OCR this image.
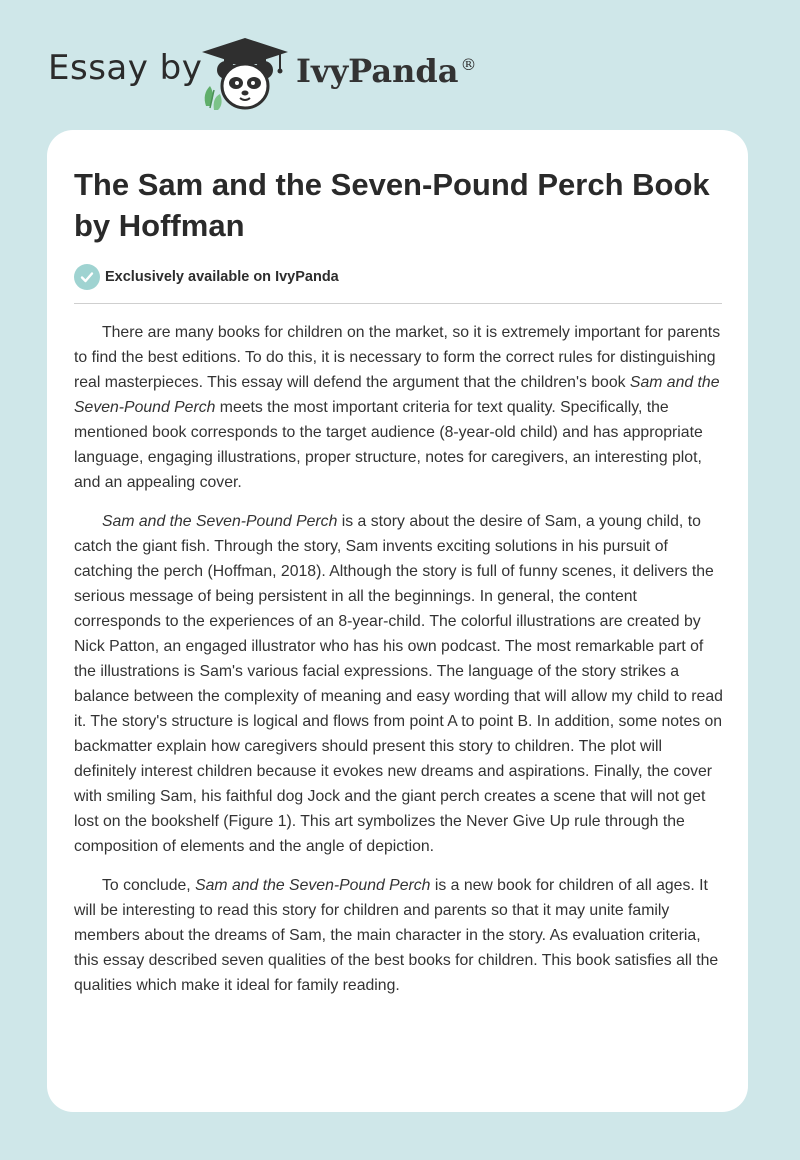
Essay by	IvyPanda ®
The Sam and the Seven-Pound Perch Book by Hoffman
Exclusively available on IvyPanda

There are many books for children on the market, so it is extremely important for parents to find the best editions. To do this, it is necessary to form the correct rules for distinguishing real masterpieces. This essay will defend the argument that the children's book Sam and the Seven-Pound Perch meets the most important criteria for text quality. Specifically, the mentioned book corresponds to the target audience (8-year-old child) and has appropriate language, engaging illustrations, proper structure, notes for caregivers, an interesting plot, and an appealing cover.

Sam and the Seven-Pound Perch is a story about the desire of Sam, a young child, to catch the giant fish. Through the story, Sam invents exciting solutions in his pursuit of catching the perch (Hoffman, 2018). Although the story is full of funny scenes, it delivers the serious message of being persistent in all the beginnings. In general, the content corresponds to the experiences of an 8-year-child. The colorful illustrations are created by Nick Patton, an engaged illustrator who has his own podcast. The most remarkable part of the illustrations is Sam's various facial expressions. The language of the story strikes a balance between the complexity of meaning and easy wording that will allow my child to read it. The story's structure is logical and flows from point A to point B. In addition, some notes on backmatter explain how caregivers should present this story to children. The plot will definitely interest children because it evokes new dreams and aspirations. Finally, the cover with smiling Sam, his faithful dog Jock and the giant perch creates a scene that will not get lost on the bookshelf (Figure 1). This art symbolizes the Never Give Up rule through the composition of elements and the angle of depiction.

To conclude, Sam and the Seven-Pound Perch is a new book for children of all ages. It will be interesting to read this story for children and parents so that it may unite family members about the dreams of Sam, the main character in the story. As evaluation criteria, this essay described seven qualities of the best books for children. This book satisfies all the qualities which make it ideal for family reading.
